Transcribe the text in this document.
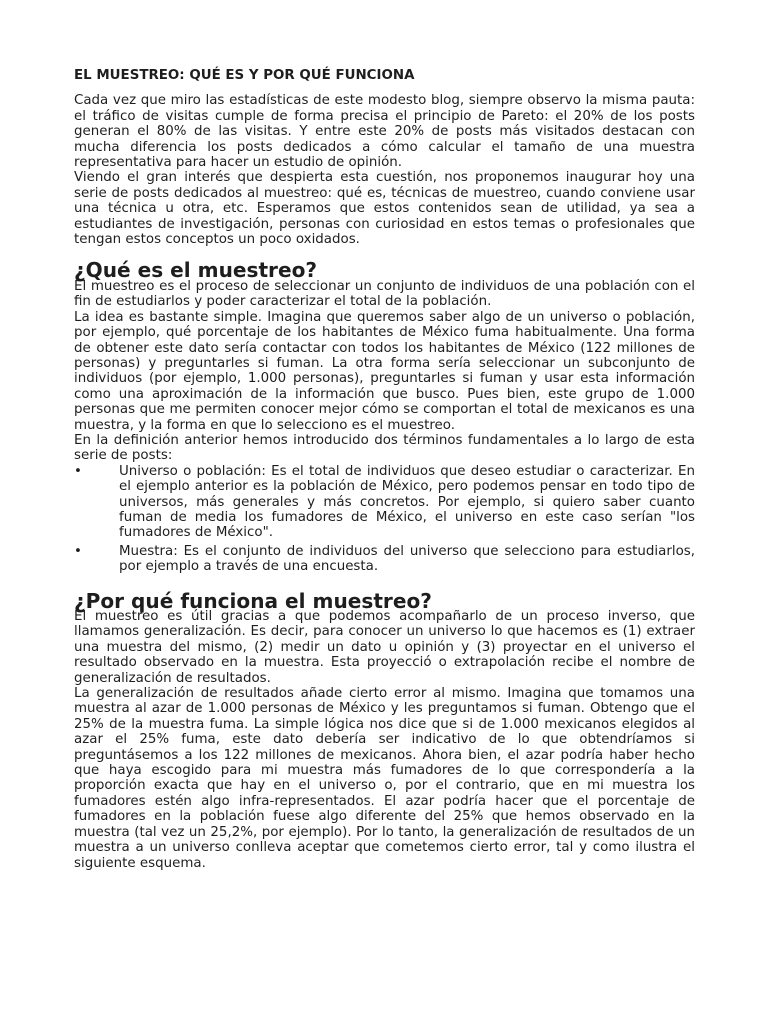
EL MUESTREO: QUÉ ES Y POR QUÉ FUNCIONA

Cada vez que miro las estadísticas de este modesto blog, siempre observo la misma pauta: el tráfico de visitas cumple de forma precisa el principio de Pareto: el 20% de los posts generan el 80% de las visitas. Y entre este 20% de posts más visitados destacan con mucha diferencia los posts dedicados a cómo calcular el tamaño de una muestra representativa para hacer un estudio de opinión.

Viendo el gran interés que despierta esta cuestión, nos proponemos inaugurar hoy una serie de posts dedicados al muestreo: qué es, técnicas de muestreo, cuando conviene usar una técnica u otra, etc. Esperamos que estos contenidos sean de utilidad, ya sea a estudiantes de investigación, personas con curiosidad en estos temas o profesionales que tengan estos conceptos un poco oxidados.

¿Qué es el muestreo?

El muestreo es el proceso de seleccionar un conjunto de individuos de una población con el fin de estudiarlos y poder caracterizar el total de la población.

La idea es bastante simple. Imagina que queremos saber algo de un universo o población, por ejemplo, qué porcentaje de los habitantes de México fuma habitualmente. Una forma de obtener este dato sería contactar con todos los habitantes de México (122 millones de personas) y preguntarles si fuman. La otra forma sería seleccionar un subconjunto de individuos (por ejemplo, 1.000 personas), preguntarles si fuman y usar esta información como una aproximación de la información que busco. Pues bien, este grupo de 1.000 personas que me permiten conocer mejor cómo se comportan el total de mexicanos es una muestra, y la forma en que lo selecciono es el muestreo.

En la definición anterior hemos introducido dos términos fundamentales a lo largo de esta serie de posts:

•	Universo o población: Es el total de individuos que deseo estudiar o caracterizar. En el ejemplo anterior es la población de México, pero podemos pensar en todo tipo de universos, más generales y más concretos. Por ejemplo, si quiero saber cuanto fuman de media los fumadores de México, el universo en este caso serían "los fumadores de México".
•	Muestra: Es el conjunto de individuos del universo que selecciono para estudiarlos, por ejemplo a través de una encuesta.
¿Por qué funciona el muestreo?

El muestreo es útil gracias a que podemos acompañarlo de un proceso inverso, que llamamos generalización. Es decir, para conocer un universo lo que hacemos es (1) extraer una muestra del mismo, (2) medir un dato u opinión y (3) proyectar en el universo el resultado observado en la muestra. Esta proyecció o extrapolación recibe el nombre de generalización de resultados.

La generalización de resultados añade cierto error al mismo. Imagina que tomamos una muestra al azar de 1.000 personas de México y les preguntamos si fuman. Obtengo que el 25% de la muestra fuma. La simple lógica nos dice que si de 1.000 mexicanos elegidos al azar el 25% fuma, este dato debería ser indicativo de lo que obtendríamos si preguntásemos a los 122 millones de mexicanos. Ahora bien, el azar podría haber hecho que haya escogido para mi muestra más fumadores de lo que correspondería a la proporción exacta que hay en el universo o, por el contrario, que en mi muestra los fumadores estén algo infra-representados. El azar podría hacer que el porcentaje de fumadores en la población fuese algo diferente del 25% que hemos observado en la muestra (tal vez un 25,2%, por ejemplo). Por lo tanto, la generalización de resultados de un muestra a un universo conlleva aceptar que cometemos cierto error, tal y como ilustra el siguiente esquema.
